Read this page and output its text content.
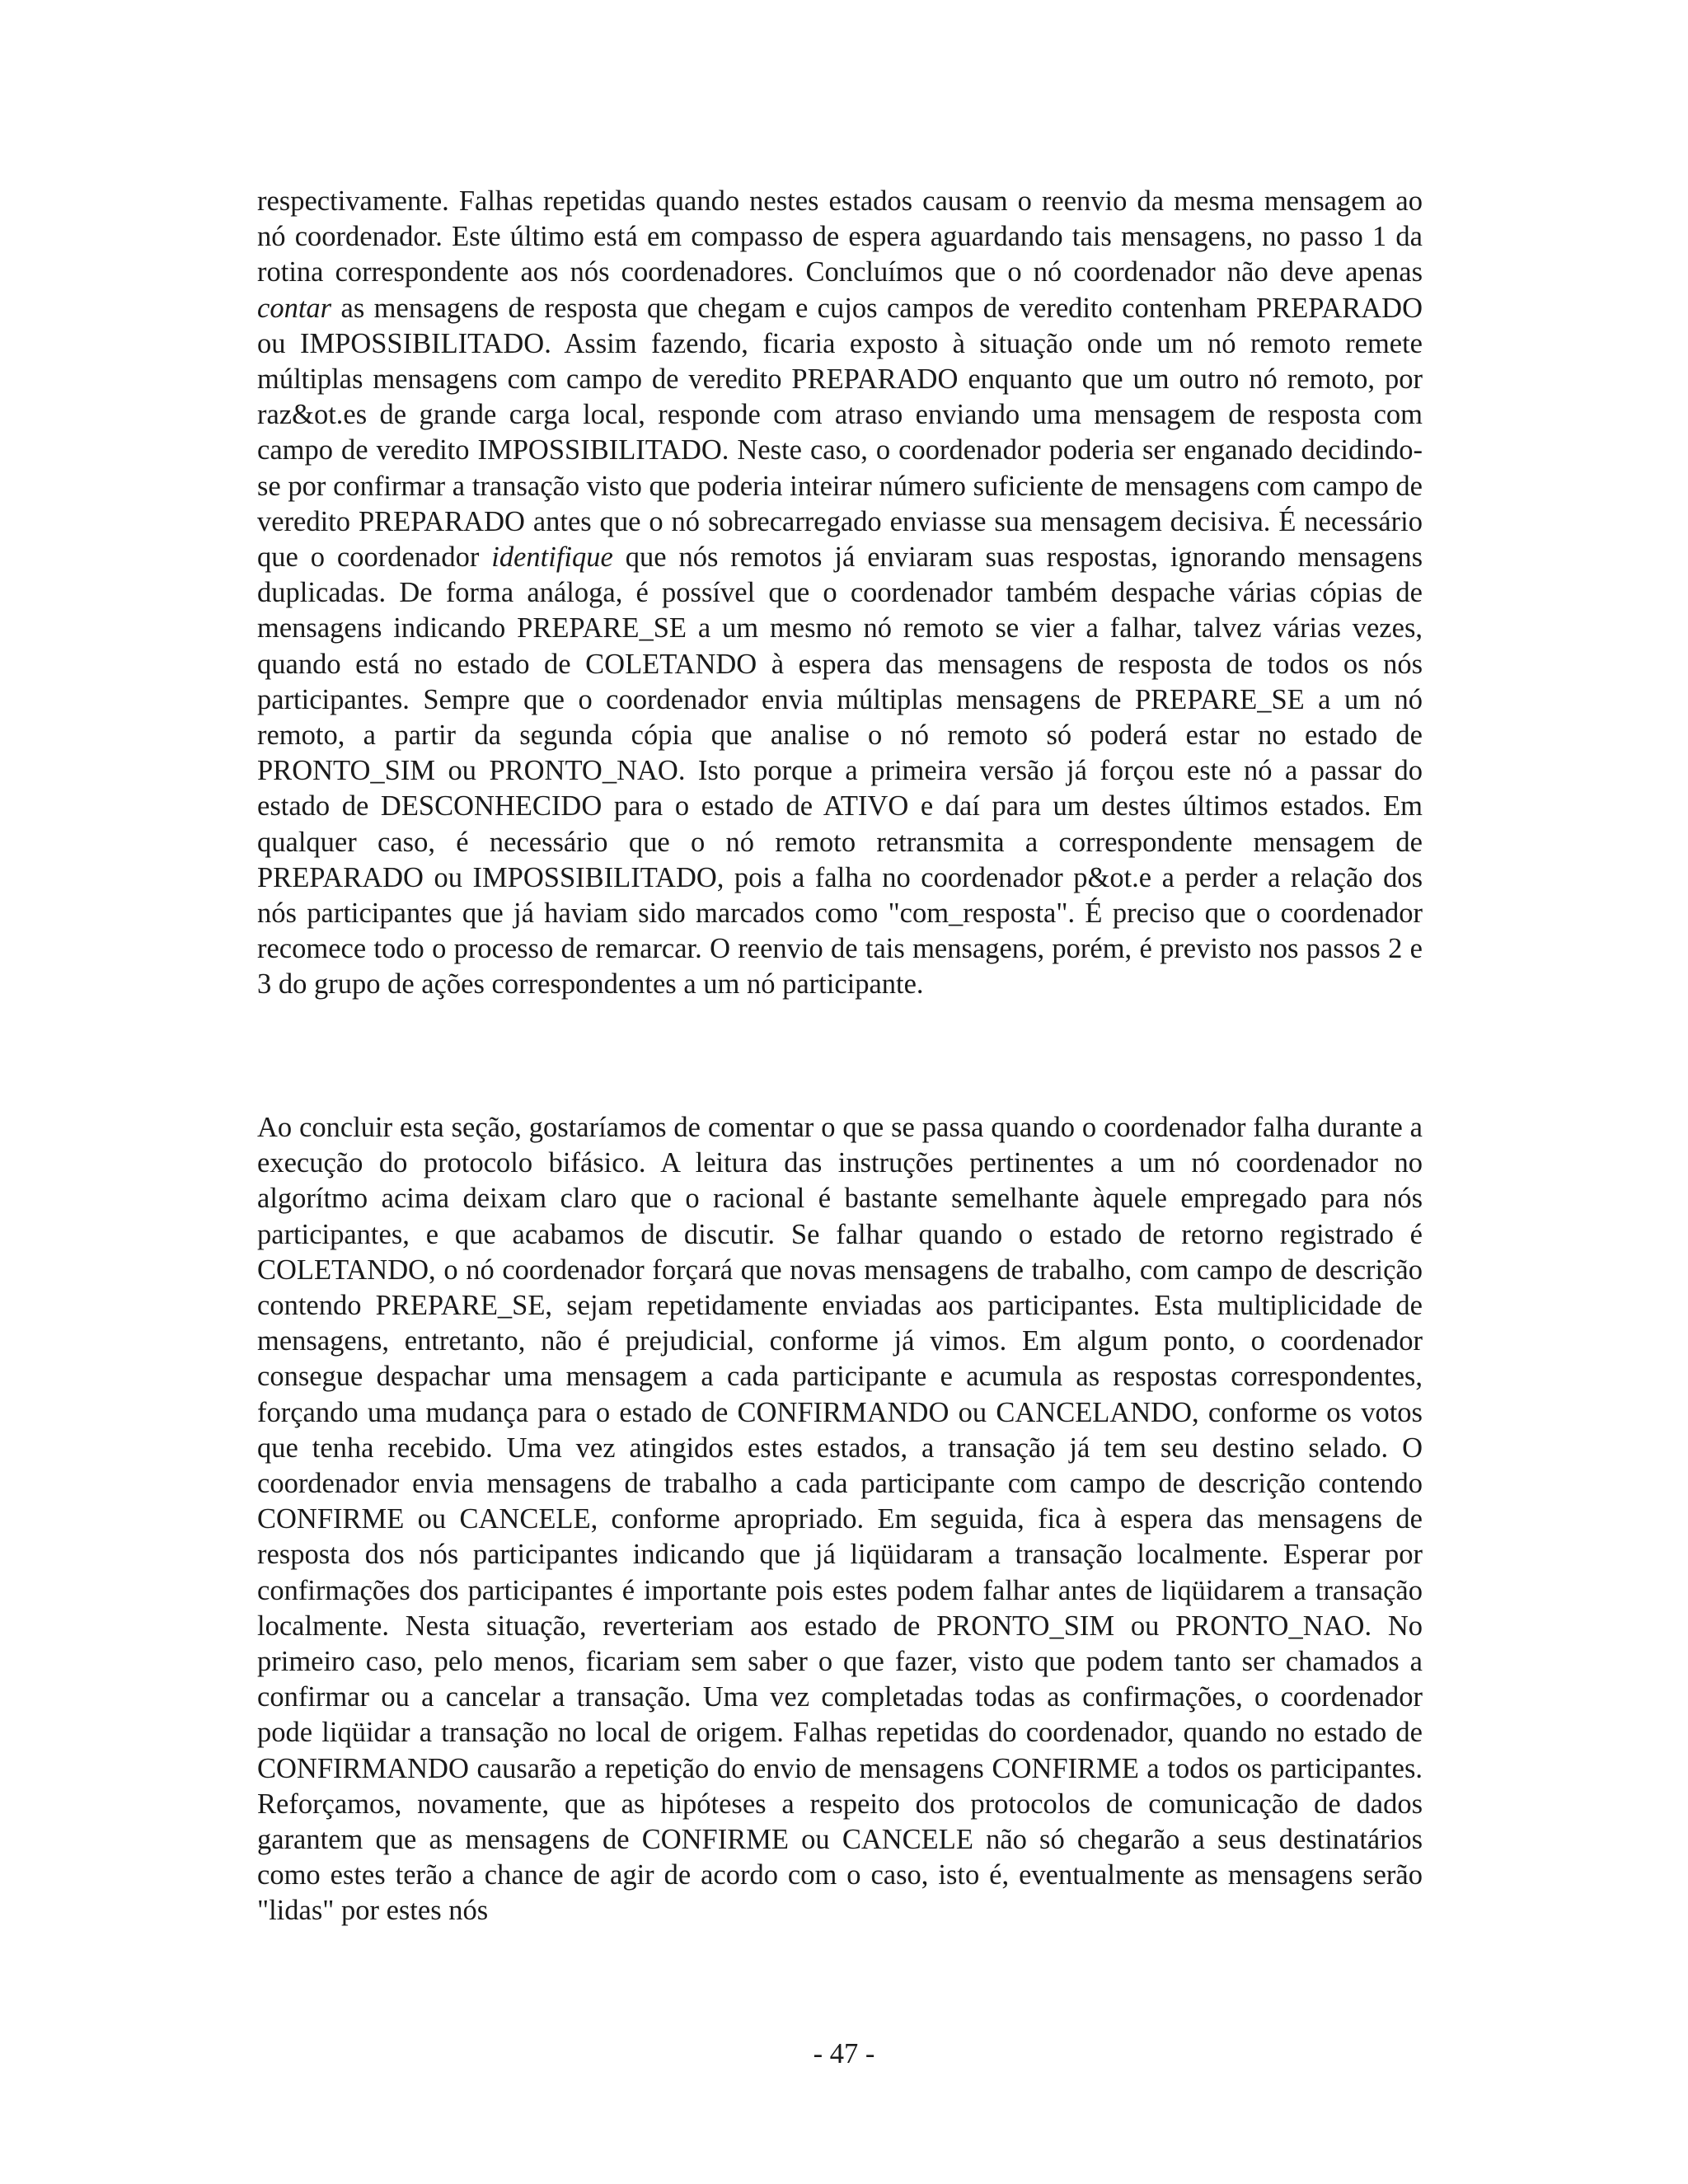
respectivamente. Falhas repetidas quando nestes estados causam o reenvio da mesma mensagem ao nó coordenador. Este último está em compasso de espera aguardando tais mensagens, no passo 1 da rotina correspondente aos nós coordenadores. Concluímos que o nó coordenador não deve apenas contar as mensagens de resposta que chegam e cujos campos de veredito contenham PREPARADO ou IMPOSSIBILITADO. Assim fazendo, ficaria exposto à situação onde um nó remoto remete múltiplas mensagens com campo de veredito PREPARADO enquanto que um outro nó remoto, por raz&ot.es de grande carga local, responde com atraso enviando uma mensagem de resposta com campo de veredito IMPOSSIBILITADO. Neste caso, o coordenador poderia ser enganado decidindo-se por confirmar a transação visto que poderia inteirar número suficiente de mensagens com campo de veredito PREPARADO antes que o nó sobrecarregado enviasse sua mensagem decisiva. É necessário que o coordenador identifique que nós remotos já enviaram suas respostas, ignorando mensagens duplicadas. De forma análoga, é possível que o coordenador também despache várias cópias de mensagens indicando PREPARE_SE a um mesmo nó remoto se vier a falhar, talvez várias vezes, quando está no estado de COLETANDO à espera das mensagens de resposta de todos os nós participantes. Sempre que o coordenador envia múltiplas mensagens de PREPARE_SE a um nó remoto, a partir da segunda cópia que analise o nó remoto só poderá estar no estado de PRONTO_SIM ou PRONTO_NAO. Isto porque a primeira versão já forçou este nó a passar do estado de DESCONHECIDO para o estado de ATIVO e daí para um destes últimos estados. Em qualquer caso, é necessário que o nó remoto retransmita a correspondente mensagem de PREPARADO ou IMPOSSIBILITADO, pois a falha no coordenador p&ot.e a perder a relação dos nós participantes que já haviam sido marcados como "com_resposta". É preciso que o coordenador recomece todo o processo de remarcar. O reenvio de tais mensagens, porém, é previsto nos passos 2 e 3 do grupo de ações correspondentes a um nó participante.

Ao concluir esta seção, gostaríamos de comentar o que se passa quando o coordenador falha durante a execução do protocolo bifásico. A leitura das instruções pertinentes a um nó coordenador no algorítmo acima deixam claro que o racional é bastante semelhante àquele empregado para nós participantes, e que acabamos de discutir. Se falhar quando o estado de retorno registrado é COLETANDO, o nó coordenador forçará que novas mensagens de trabalho, com campo de descrição contendo PREPARE_SE, sejam repetidamente enviadas aos participantes. Esta multiplicidade de mensagens, entretanto, não é prejudicial, conforme já vimos. Em algum ponto, o coordenador consegue despachar uma mensagem a cada participante e acumula as respostas correspondentes, forçando uma mudança para o estado de CONFIRMANDO ou CANCELANDO, conforme os votos que tenha recebido. Uma vez atingidos estes estados, a transação já tem seu destino selado. O coordenador envia mensagens de trabalho a cada participante com campo de descrição contendo CONFIRME ou CANCELE, conforme apropriado. Em seguida, fica à espera das mensagens de resposta dos nós participantes indicando que já liqüidaram a transação localmente. Esperar por confirmações dos participantes é importante pois estes podem falhar antes de liqüidarem a transação localmente. Nesta situação, reverteriam aos estado de PRONTO_SIM ou PRONTO_NAO. No primeiro caso, pelo menos, ficariam sem saber o que fazer, visto que podem tanto ser chamados a confirmar ou a cancelar a transação. Uma vez completadas todas as confirmações, o coordenador pode liqüidar a transação no local de origem. Falhas repetidas do coordenador, quando no estado de CONFIRMANDO causarão a repetição do envio de mensagens CONFIRME a todos os participantes. Reforçamos, novamente, que as hipóteses a respeito dos protocolos de comunicação de dados garantem que as mensagens de CONFIRME ou CANCELE não só chegarão a seus destinatários como estes terão a chance de agir de acordo com o caso, isto é, eventualmente as mensagens serão "lidas" por estes nós

- 47 -
